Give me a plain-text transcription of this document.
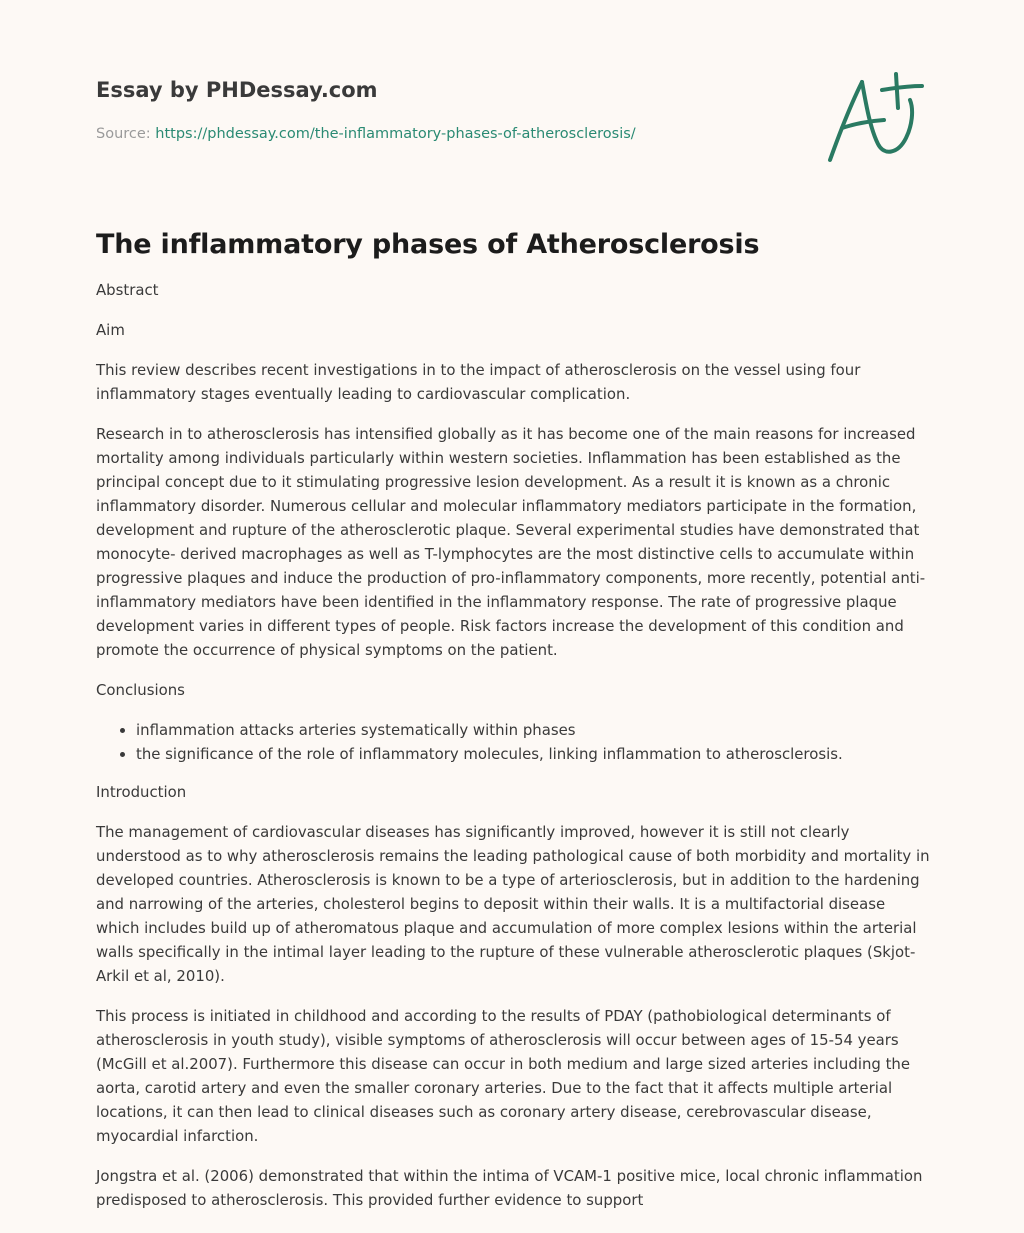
Essay by PHDessay.com

Source: https://phdessay.com/the-inflammatory-phases-of-atherosclerosis/

The inflammatory phases of Atherosclerosis

Abstract

Aim

This review describes recent investigations in to the impact of atherosclerosis on the vessel using four inflammatory stages eventually leading to cardiovascular complication.

Research in to atherosclerosis has intensified globally as it has become one of the main reasons for increased mortality among individuals particularly within western societies. Inflammation has been established as the principal concept due to it stimulating progressive lesion development. As a result it is known as a chronic inflammatory disorder. Numerous cellular and molecular inflammatory mediators participate in the formation, development and rupture of the atherosclerotic plaque. Several experimental studies have demonstrated that monocyte- derived macrophages as well as T-lymphocytes are the most distinctive cells to accumulate within progressive plaques and induce the production of pro-inflammatory components, more recently, potential anti-inflammatory mediators have been identified in the inflammatory response. The rate of progressive plaque development varies in different types of people. Risk factors increase the development of this condition and promote the occurrence of physical symptoms on the patient.

Conclusions

• inflammation attacks arteries systematically within phases
• the significance of the role of inflammatory molecules, linking inflammation to atherosclerosis.

Introduction

The management of cardiovascular diseases has significantly improved, however it is still not clearly understood as to why atherosclerosis remains the leading pathological cause of both morbidity and mortality in developed countries. Atherosclerosis is known to be a type of arteriosclerosis, but in addition to the hardening and narrowing of the arteries, cholesterol begins to deposit within their walls. It is a multifactorial disease which includes build up of atheromatous plaque and accumulation of more complex lesions within the arterial walls specifically in the intimal layer leading to the rupture of these vulnerable atherosclerotic plaques (Skjot-Arkil et al, 2010).

This process is initiated in childhood and according to the results of PDAY (pathobiological determinants of atherosclerosis in youth study), visible symptoms of atherosclerosis will occur between ages of 15-54 years (McGill et al.2007). Furthermore this disease can occur in both medium and large sized arteries including the aorta, carotid artery and even the smaller coronary arteries. Due to the fact that it affects multiple arterial locations, it can then lead to clinical diseases such as coronary artery disease, cerebrovascular disease, myocardial infarction.

Jongstra et al. (2006) demonstrated that within the intima of VCAM-1 positive mice, local chronic inflammation predisposed to atherosclerosis. This provided further evidence to support
